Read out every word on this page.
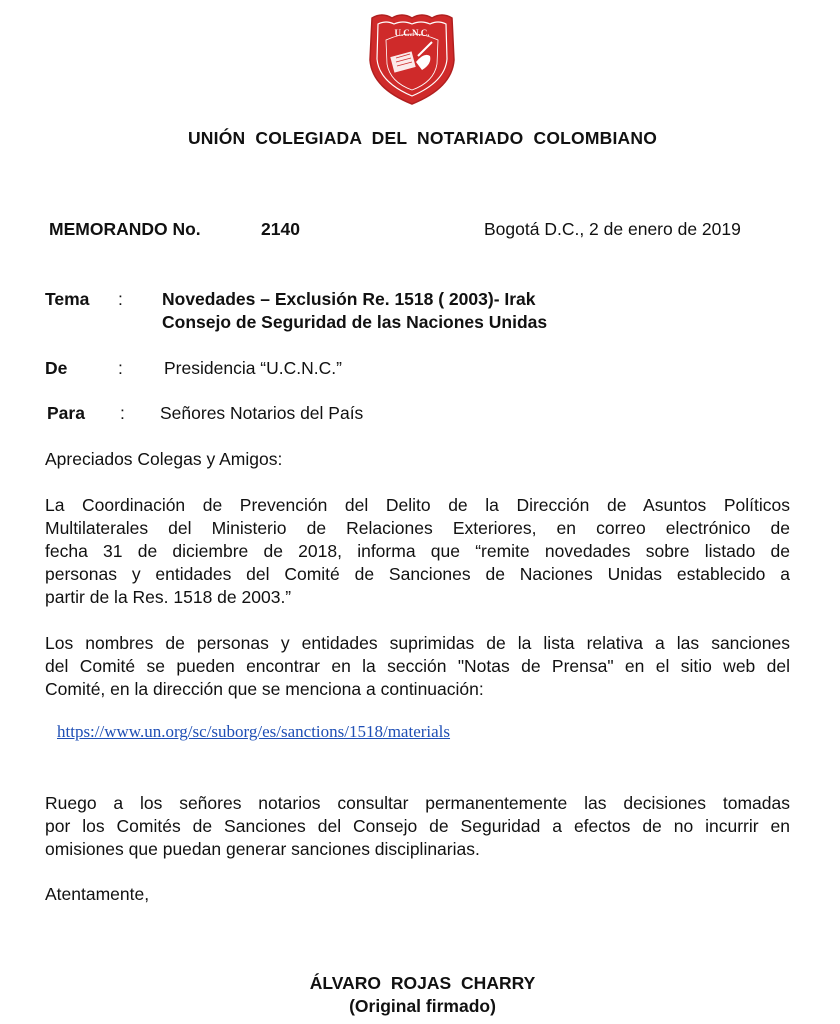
U.C.N.C.
UNIÓN COLEGIADA DEL NOTARIADO COLOMBIANO
MEMORANDO No.	2140	Bogotá D.C., 2 de enero de 2019
Tema : Novedades – Exclusión Re. 1518 ( 2003)- Irak
Consejo de Seguridad de las Naciones Unidas
De	: Presidencia “U.C.N.C.”
Para : Señores Notarios del País
Apreciados Colegas y Amigos:
La Coordinación de Prevención del Delito de la Dirección de Asuntos Políticos
Multilaterales del Ministerio de Relaciones Exteriores, en correo electrónico de
fecha 31 de diciembre de 2018, informa que “remite novedades sobre listado de
personas y entidades del Comité de Sanciones de Naciones Unidas establecido a
partir de la Res. 1518 de 2003.”
Los nombres de personas y entidades suprimidas de la lista relativa a las sanciones
del Comité se pueden encontrar en la sección "Notas de Prensa" en el sitio web del
Comité, en la dirección que se menciona a continuación:
https://www.un.org/sc/suborg/es/sanctions/1518/materials
Ruego a los señores notarios consultar permanentemente las decisiones tomadas
por los Comités de Sanciones del Consejo de Seguridad a efectos de no incurrir en
omisiones que puedan generar sanciones disciplinarias.
Atentamente,
ÁLVARO ROJAS CHARRY
(Original firmado)
